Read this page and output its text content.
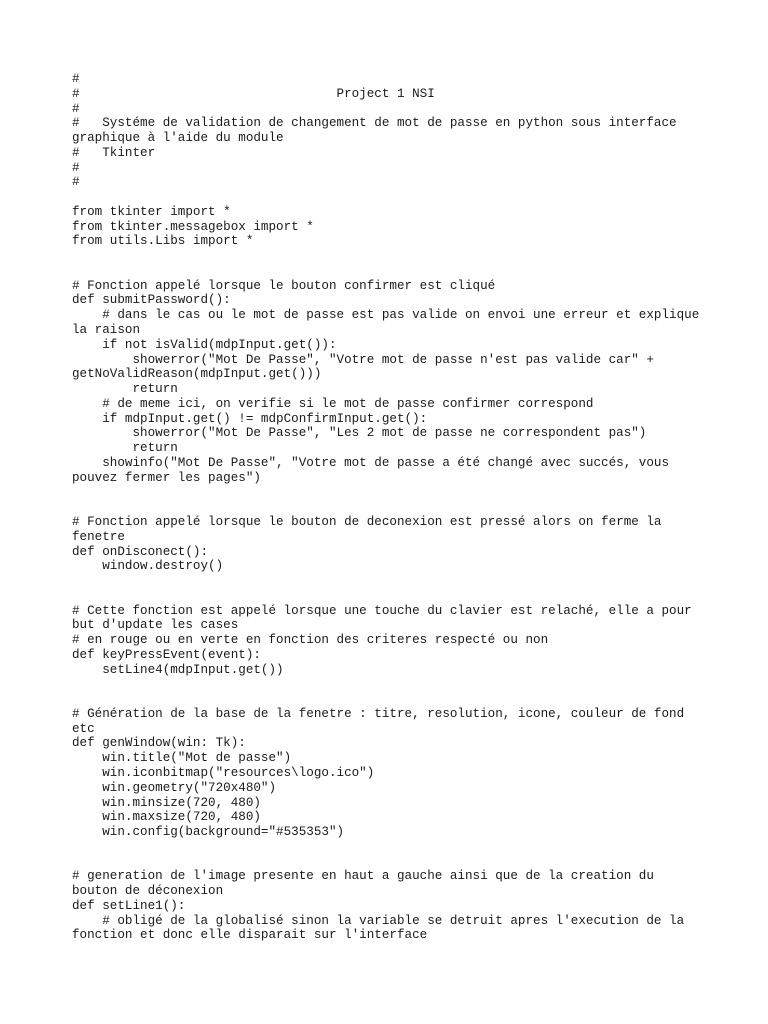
#
#                                  Project 1 NSI
#
#   Systéme de validation de changement de mot de passe en python sous interface
graphique à l'aide du module
#   Tkinter
#
#
from tkinter import *
from tkinter.messagebox import *
from utils.Libs import *
# Fonction appelé lorsque le bouton confirmer est cliqué
def submitPassword():
# dans le cas ou le mot de passe est pas valide on envoi une erreur et explique
la raison
if not isValid(mdpInput.get()):
showerror("Mot De Passe", "Votre mot de passe n'est pas valide car" +
getNoValidReason(mdpInput.get()))
return
# de meme ici, on verifie si le mot de passe confirmer correspond
if mdpInput.get() != mdpConfirmInput.get():
showerror("Mot De Passe", "Les 2 mot de passe ne correspondent pas")
return
showinfo("Mot De Passe", "Votre mot de passe a été changé avec succés, vous
pouvez fermer les pages")
# Fonction appelé lorsque le bouton de deconexion est pressé alors on ferme la
fenetre
def onDisconect():
window.destroy()
# Cette fonction est appelé lorsque une touche du clavier est relaché, elle a pour
but d'update les cases
# en rouge ou en verte en fonction des criteres respecté ou non
def keyPressEvent(event):
setLine4(mdpInput.get())
# Génération de la base de la fenetre : titre, resolution, icone, couleur de fond
etc
def genWindow(win: Tk):
win.title("Mot de passe")
win.iconbitmap("resources\logo.ico")
win.geometry("720x480")
win.minsize(720, 480)
win.maxsize(720, 480)
win.config(background="#535353")
# generation de l'image presente en haut a gauche ainsi que de la creation du
bouton de déconexion
def setLine1():
# obligé de la globalisé sinon la variable se detruit apres l'execution de la
fonction et donc elle disparait sur l'interface
